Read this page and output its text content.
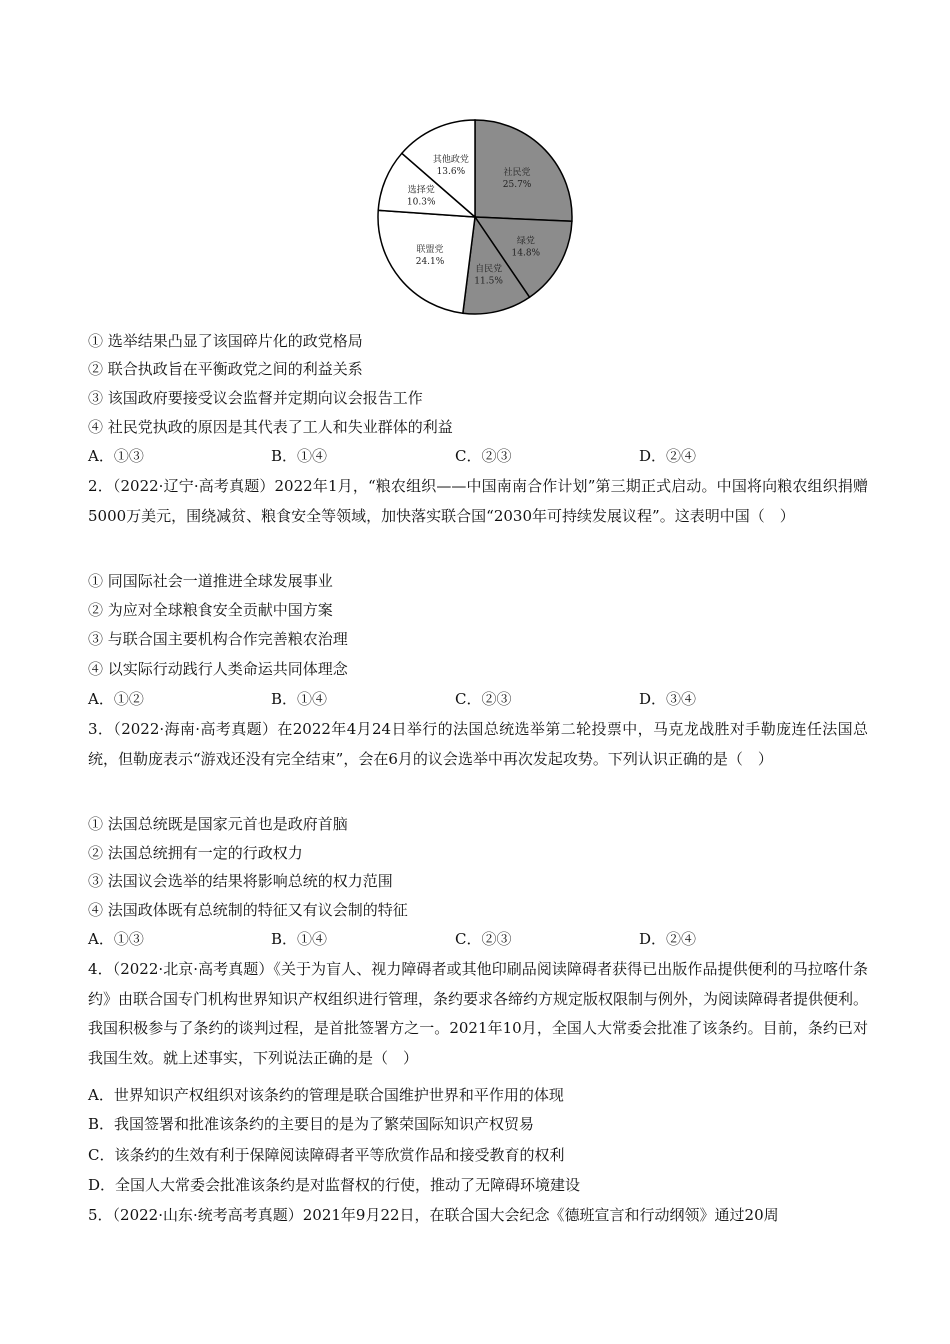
社民党
25.7%
绿党
14.8%
自民党
11.5%
联盟党
24.1%
选择党
10.3%
其他政党
13.6%
① 选举结果凸显了该国碎片化的政党格局
② 联合执政旨在平衡政党之间的利益关系
③ 该国政府要接受议会监督并定期向议会报告工作
④ 社民党执政的原因是其代表了工人和失业群体的利益
A．①③	B．①④	C．②③	D．②④
2．（2022·辽宁·高考真题）2022年1月，“粮农组织——中国南南合作计划”第三期正式启动。中国将向粮农组织捐赠5000万美元，围绕减贫、粮食安全等领域，加快落实联合国“2030年可持续发展议程”。这表明中国（　）
① 同国际社会一道推进全球发展事业
② 为应对全球粮食安全贡献中国方案
③ 与联合国主要机构合作完善粮农治理
④ 以实际行动践行人类命运共同体理念
A．①②	B．①④	C．②③	D．③④
3．（2022·海南·高考真题）在2022年4月24日举行的法国总统选举第二轮投票中，马克龙战胜对手勒庞连任法国总统，但勒庞表示“游戏还没有完全结束”，会在6月的议会选举中再次发起攻势。下列认识正确的是（　）
① 法国总统既是国家元首也是政府首脑
② 法国总统拥有一定的行政权力
③ 法国议会选举的结果将影响总统的权力范围
④ 法国政体既有总统制的特征又有议会制的特征
A．①③	B．①④	C．②③	D．②④
4．（2022·北京·高考真题）《关于为盲人、视力障碍者或其他印刷品阅读障碍者获得已出版作品提供便利的马拉喀什条约》由联合国专门机构世界知识产权组织进行管理，条约要求各缔约方规定版权限制与例外，为阅读障碍者提供便利。我国积极参与了条约的谈判过程，是首批签署方之一。2021年10月，全国人大常委会批准了该条约。目前，条约已对我国生效。就上述事实，下列说法正确的是（　）
A．世界知识产权组织对该条约的管理是联合国维护世界和平作用的体现
B．我国签署和批准该条约的主要目的是为了繁荣国际知识产权贸易
C．该条约的生效有利于保障阅读障碍者平等欣赏作品和接受教育的权利
D．全国人大常委会批准该条约是对监督权的行使，推动了无障碍环境建设
5．（2022·山东·统考高考真题）2021年9月22日，在联合国大会纪念《德班宣言和行动纲领》通过20周
